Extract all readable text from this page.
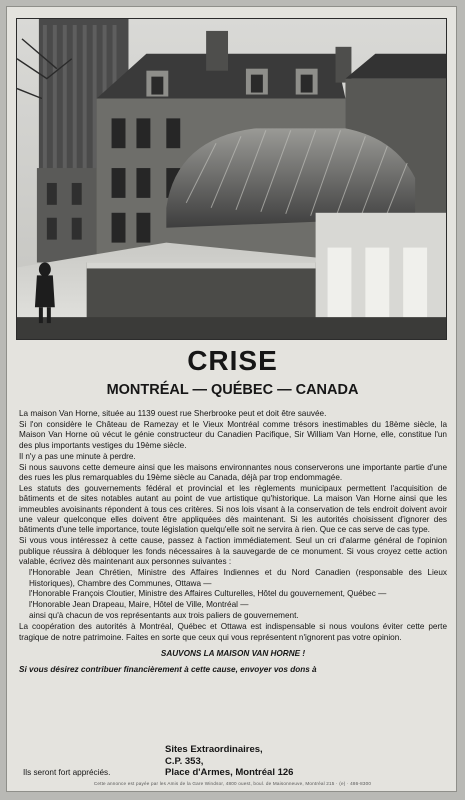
CRISE
MONTRÉAL — QUÉBEC — CANADA

La maison Van Horne, située au 1139 ouest rue Sherbrooke peut et doit être sauvée.

Si l'on considère le Château de Ramezay et le Vieux Montréal comme trésors inestimables du 18ème siècle, la Maison Van Horne où vécut le génie constructeur du Canadien Pacifique, Sir William Van Horne, elle, constitue l'un des plus importants vestiges du 19ème siècle.

Il n'y a pas une minute à perdre.

Si nous sauvons cette demeure ainsi que les maisons environnantes nous conserverons une importante partie d'une des rues les plus remarquables du 19ème siècle au Canada, déjà par trop endommagée.

Les statuts des gouvernements fédéral et provincial et les règlements municipaux permettent l'acquisition de bâtiments et de sites notables autant au point de vue artistique qu'historique. La maison Van Horne ainsi que les immeubles avoisinants répondent à tous ces critères. Si nos lois visant à la conservation de tels endroit doivent avoir une valeur quelconque elles doivent être appliquées dès maintenant. Si les autorités choisissent d'ignorer des bâtiments d'une telle importance, toute législation quelqu'elle soit ne servira à rien. Que ce cas serve de cas type.

Si vous vous intéressez à cette cause, passez à l'action immédiatement. Seul un cri d'alarme général de l'opinion publique réussira à débloquer les fonds nécessaires à la sauvegarde de ce monument. Si vous croyez cette action valable, écrivez dès maintenant aux personnes suivantes :

l'Honorable Jean Chrétien, Ministre des Affaires Indiennes et du Nord Canadien (responsable des Lieux Historiques), Chambre des Communes, Ottawa —

l'Honorable François Cloutier, Ministre des Affaires Culturelles, Hôtel du gouvernement, Québec —

l'Honorable Jean Drapeau, Maire, Hôtel de Ville, Montréal —

ainsi qu'à chacun de vos représentants aux trois paliers de gouvernement.

La coopération des autorités à Montréal, Québec et Ottawa est indispensable si nous voulons éviter cette perte tragique de notre patrimoine. Faites en sorte que ceux qui vous représentent n'ignorent pas votre opinion.

SAUVONS LA MAISON VAN HORNE !

Si vous désirez contribuer financièrement à cette cause, envoyer vos dons à

Sites Extraordinaires,
C.P. 353,
Place d'Armes, Montréal 126
Ils seront fort appréciés.
Cette annonce est payée par les Amis de la Gare Windsor, 4800 ouest, boul. de Maisonneuve, Montréal 215 · (e) · 486-8300
